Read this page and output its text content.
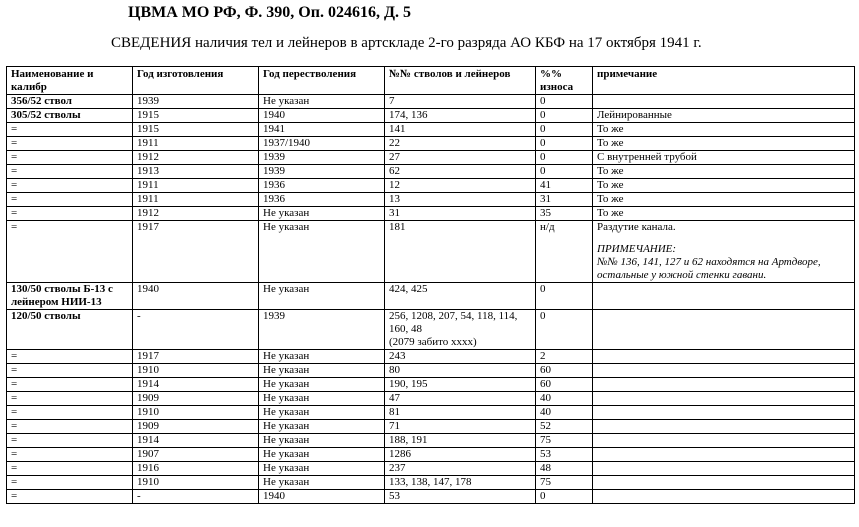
ЦВМА МО РФ, Ф. 390, Оп. 024616, Д. 5

СВЕДЕНИЯ наличия тел и лейнеров в артскладе 2-го разряда АО КБФ на 17 октября 1941 г.

Наименование и калибр	Год изготовления	Год перестволения	№№ стволов и лейнеров	%% износа	примечание

356/52 ствол	1939	Не указан	7	0	

305/52 стволы	1915	1940	174, 136	0	Лейнированные

=	1915	1941	141	0	То же

=	1911	1937/1940	22	0	То же

=	1912	1939	27	0	С внутренней трубой

=	1913	1939	62	0	То же

=	1911	1936	12	41	То же

=	1911	1936	13	31	То же

=	1912	Не указан	31	35	То же

=	1917	Не указан	181	н/д	Раздутие канала.
ПРИМЕЧАНИЕ:
№№ 136, 141, 127 и 62 находятся на Артдворе, остальные у южной стенки гавани.

130/50 стволы Б-13 с лейнером НИИ-13	1940	Не указан	424, 425	0	

120/50 стволы	-	1939	256, 1208, 207, 54, 118, 114, 160, 48
(2079 забито хххх)	0	

=	1917	Не указан	243	2	

=	1910	Не указан	80	60	

=	1914	Не указан	190, 195	60	

=	1909	Не указан	47	40	

=	1910	Не указан	81	40	

=	1909	Не указан	71	52	

=	1914	Не указан	188, 191	75	

=	1907	Не указан	1286	53	

=	1916	Не указан	237	48	

=	1910	Не указан	133, 138, 147, 178	75	

=	-	1940	53	0	
